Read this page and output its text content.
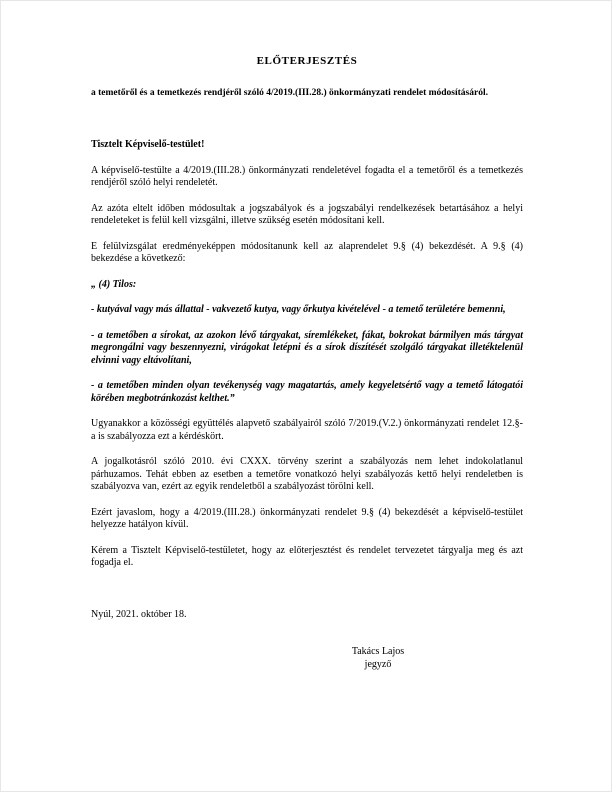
ELŐTERJESZTÉS
a temetőről és a temetkezés rendjéről szóló 4/2019.(III.28.) önkormányzati rendelet módosításáról.
Tisztelt Képviselő-testület!

A képviselő-testülte a 4/2019.(III.28.) önkormányzati rendeletével fogadta el a temetőről és a temetkezés rendjéről szóló helyi rendeletét.

Az azóta eltelt időben módosultak a jogszabályok és a jogszabályi rendelkezések betartásához a helyi rendeleteket is felül kell vizsgálni, illetve szükség esetén módosítani kell.

E felülvizsgálat eredményeképpen módosítanunk kell az alaprendelet 9.§ (4) bekezdését. A 9.§ (4) bekezdése a következő:

„ (4) Tilos:

- kutyával vagy más állattal - vakvezető kutya, vagy őrkutya kivételével - a temető területére bemenni,

- a temetőben a sírokat, az azokon lévő tárgyakat, síremlékeket, fákat, bokrokat bármilyen más tárgyat megrongálni vagy beszennyezni, virágokat letépni és a sírok díszítését szolgáló tárgyakat illetéktelenül elvinni vagy eltávolítani,

- a temetőben minden olyan tevékenység vagy magatartás, amely kegyeletsértő vagy a temető látogatói körében megbotránkozást kelthet.”

Ugyanakkor a közösségi együttélés alapvető szabályairól szóló 7/2019.(V.2.) önkormányzati rendelet 12.§-a is szabályozza ezt a kérdéskört.

A jogalkotásról szóló 2010. évi CXXX. törvény szerint a szabályozás nem lehet indokolatlanul párhuzamos. Tehát ebben az esetben a temetőre vonatkozó helyi szabályozás kettő helyi rendeletben is szabályozva van, ezért az egyik rendeletből a szabályozást törölni kell.

Ezért javaslom, hogy a 4/2019.(III.28.) önkormányzati rendelet 9.§ (4) bekezdését a képviselő-testület helyezze hatályon kívül.

Kérem a Tisztelt Képviselő-testületet, hogy az előterjesztést és rendelet tervezetet tárgyalja meg és azt fogadja el.

Nyúl, 2021. október 18.
Takács Lajos
jegyző
